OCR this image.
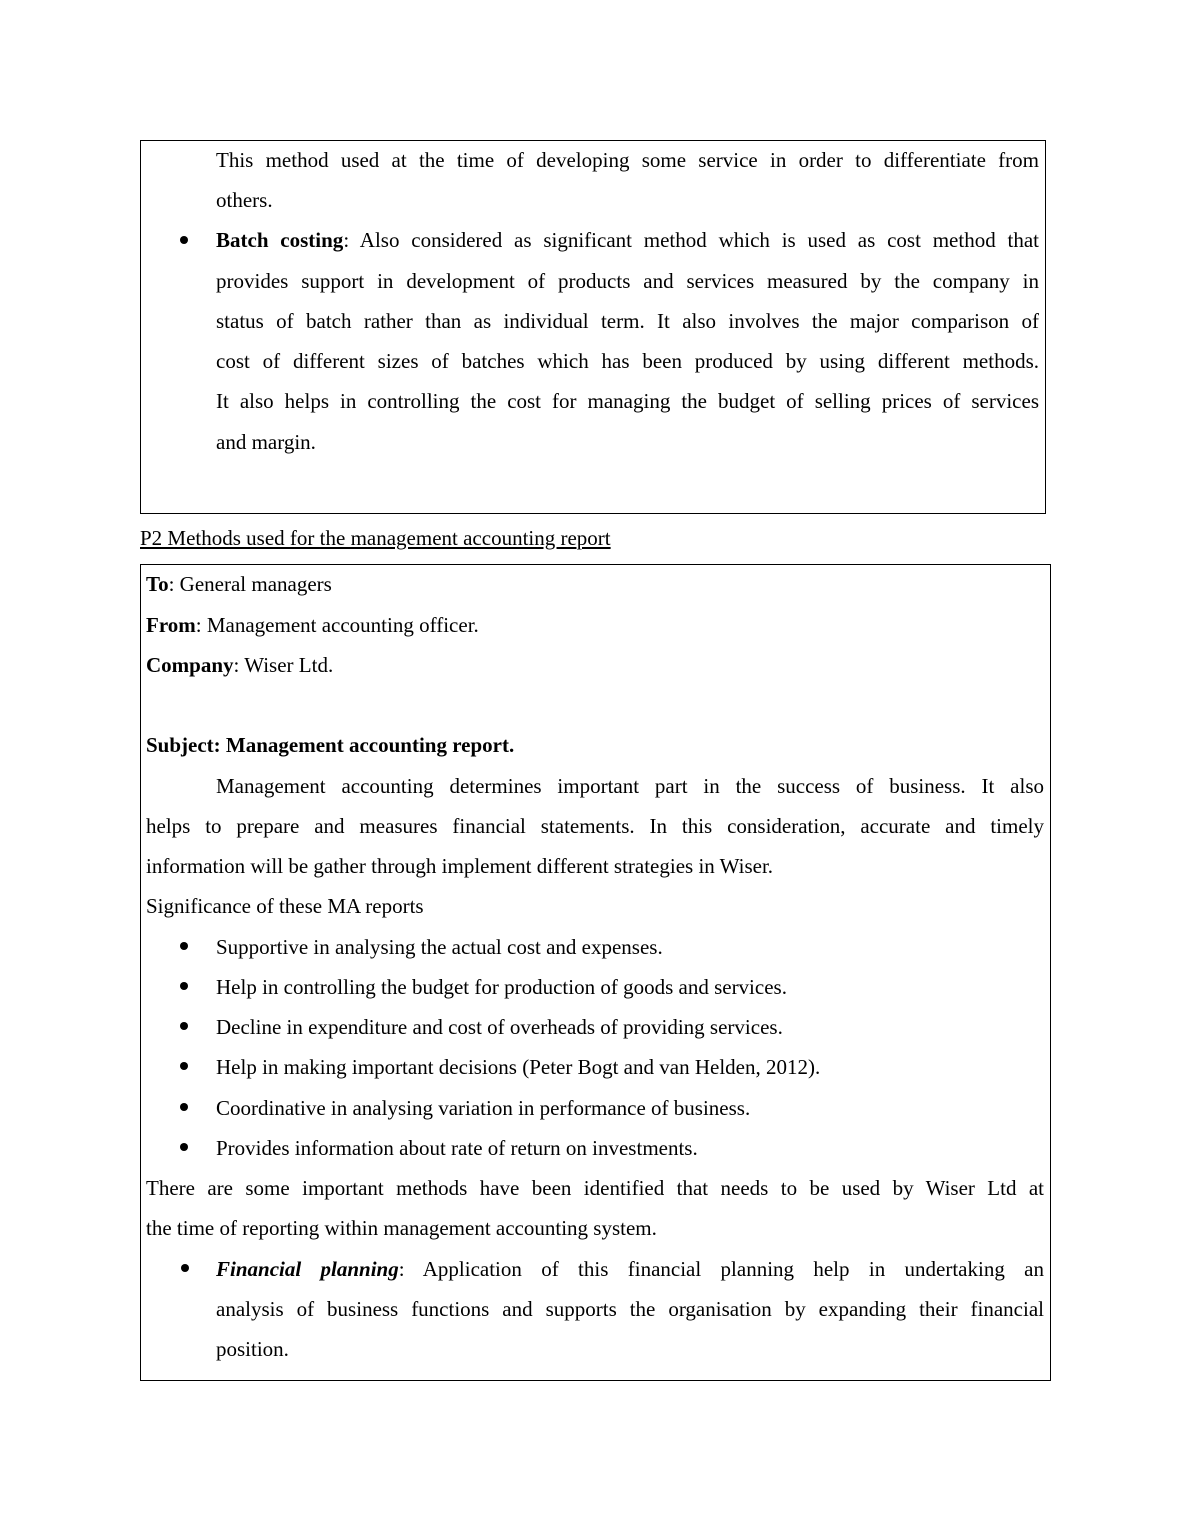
This method used at the time of developing some service in order to differentiate from
others.
Batch costing: Also considered as significant method which is used as cost method that
provides support in development of products and services measured by the company in
status of batch rather than as individual term. It also involves the major comparison of
cost of different sizes of batches which has been produced by using different methods.
It also helps in controlling the cost for managing the budget of selling prices of services
and margin.
P2 Methods used for the management accounting report
To: General managers
From: Management accounting officer.
Company: Wiser Ltd.
Subject: Management accounting report.
Management accounting determines important part in the success of business. It also
helps to prepare and measures financial statements. In this consideration, accurate and timely
information will be gather through implement different strategies in Wiser.
Significance of these MA reports
Supportive in analysing the actual cost and expenses.
Help in controlling the budget for production of goods and services.
Decline in expenditure and cost of overheads of providing services.
Help in making important decisions (Peter Bogt and van Helden, 2012).
Coordinative in analysing variation in performance of business.
Provides information about rate of return on investments.
There are some important methods have been identified that needs to be used by Wiser Ltd at
the time of reporting within management accounting system.
Financial planning: Application of this financial planning help in undertaking an
analysis of business functions and supports the organisation by expanding their financial
position.
